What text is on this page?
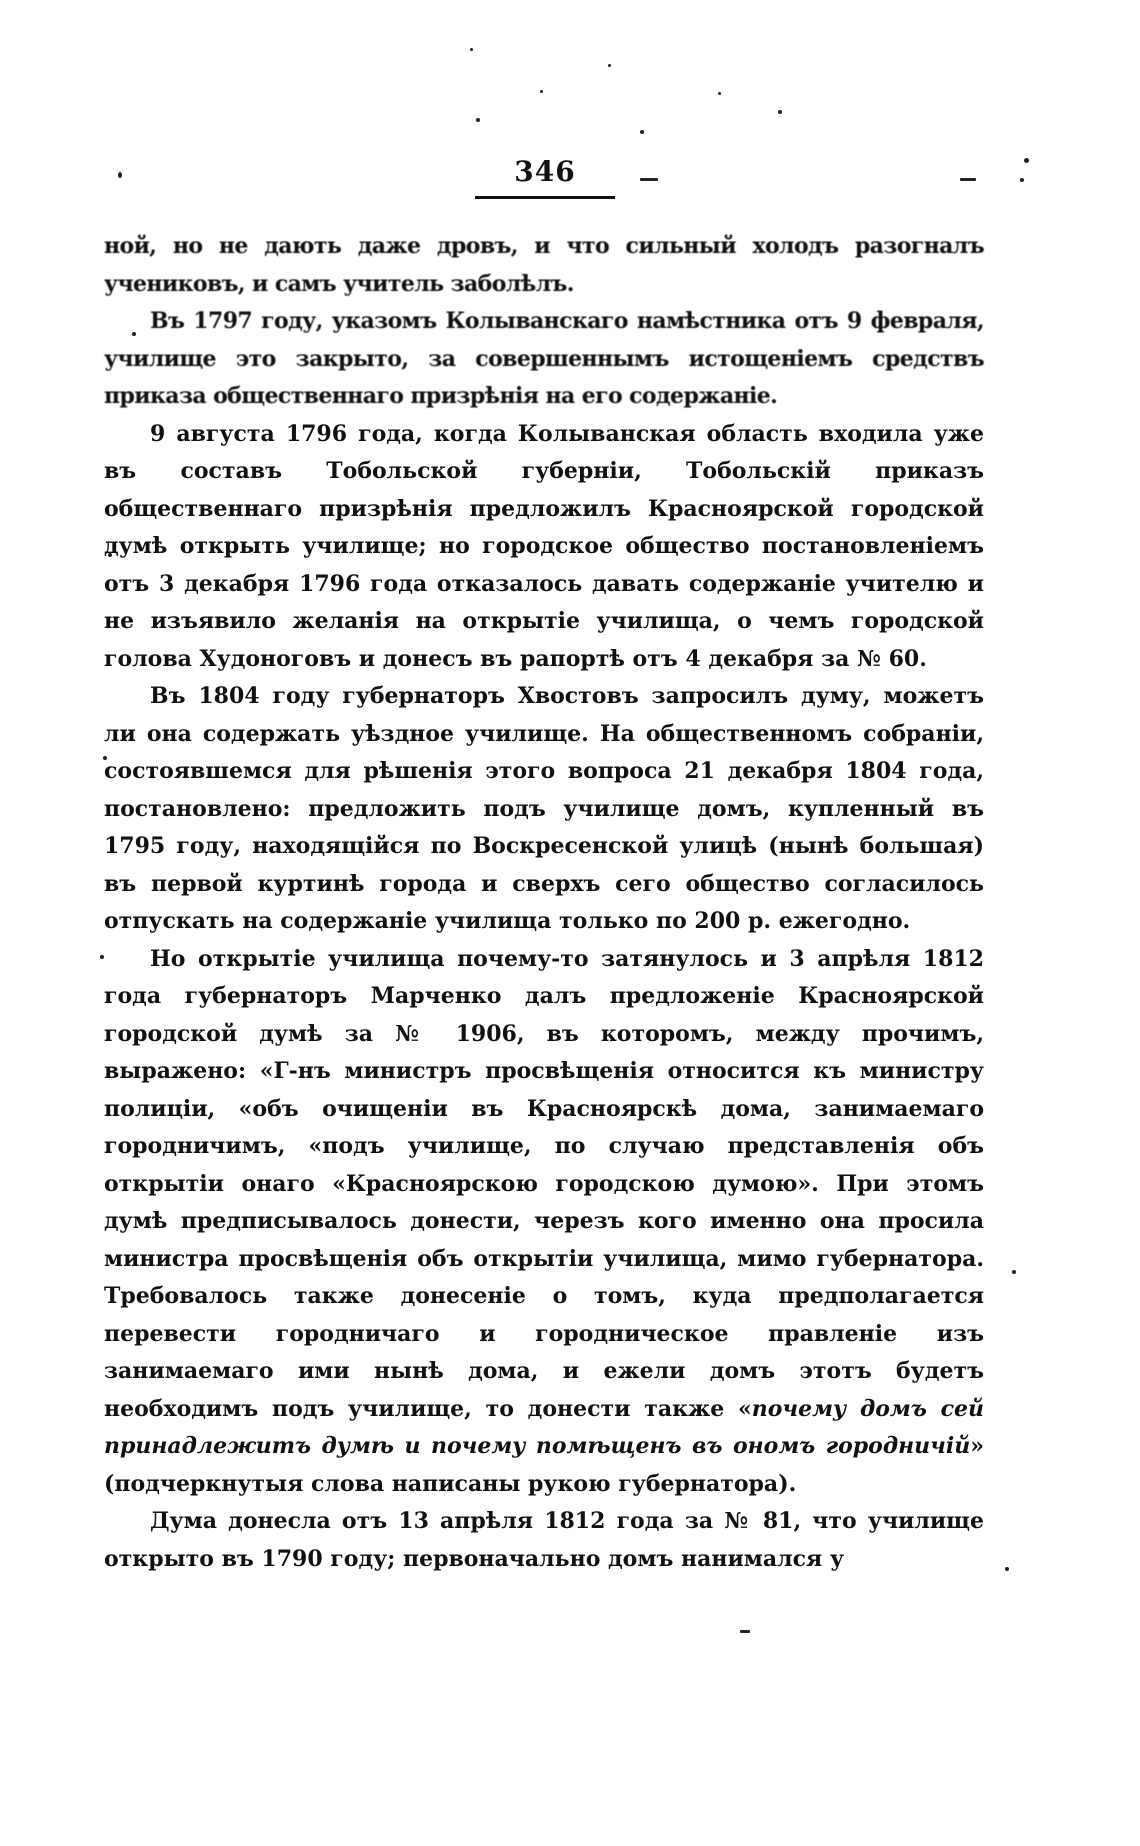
346

ной, но не дають даже дровъ, и что сильный холодъ разогналъ учениковъ, и самъ учитель заболѣлъ.

Въ 1797 году, указомъ Колыванскаго намѣстника отъ 9 февраля, училище это закрыто, за совершеннымъ истощеніемъ средствъ приказа общественнаго призрѣнія на его содержаніе.

9 августа 1796 года, когда Колыванская область входила уже въ составъ Тобольской губерніи, Тобольскій приказъ общественнаго призрѣнія предложилъ Красноярской городской думѣ открыть училище; но городское общество постановленіемъ отъ 3 декабря 1796 года отказалось давать содержаніе учителю и не изъявило желанія на открытіе училища, о чемъ городской голова Худоноговъ и донесъ въ рапортѣ отъ 4 декабря за № 60.

Въ 1804 году губернаторъ Хвостовъ запросилъ думу, можетъ ли она содержать уѣздное училище. На общественномъ собраніи, состоявшемся для рѣшенія этого вопроса 21 декабря 1804 года, постановлено: предложить подъ училище домъ, купленный въ 1795 году, находящійся по Воскресенской улицѣ (нынѣ большая) въ первой куртинѣ города и сверхъ сего общество согласилось отпускать на содержаніе училища только по 200 р. ежегодно.

Но открытіе училища почему-то затянулось и 3 апрѣля 1812 года губернаторъ Марченко далъ предложеніе Красноярской городской думѣ за № 1906, въ которомъ, между прочимъ, выражено: «Г-нъ министръ просвѣщенія относится къ министру полиціи, «объ очищеніи въ Красноярскѣ дома, занимаемаго городничимъ, «подъ училище, по случаю представленія объ открытіи онаго «Красноярскою городскою думою». При этомъ думѣ предписывалось донести, черезъ кого именно она просила министра просвѣщенія объ открытіи училища, мимо губернатора. Требовалось также донесеніе о томъ, куда предполагается перевести городничаго и городническое правленіе изъ занимаемаго ими нынѣ дома, и ежели домъ этотъ будетъ необходимъ подъ училище, то донести также «почему домъ сей принадлежитъ думѣ и почему помѣщенъ въ ономъ городничій» (подчеркнутыя слова написаны рукою губернатора).

Дума донесла отъ 13 апрѣля 1812 года за № 81, что училище открыто въ 1790 году; первоначально домъ нанимался у
